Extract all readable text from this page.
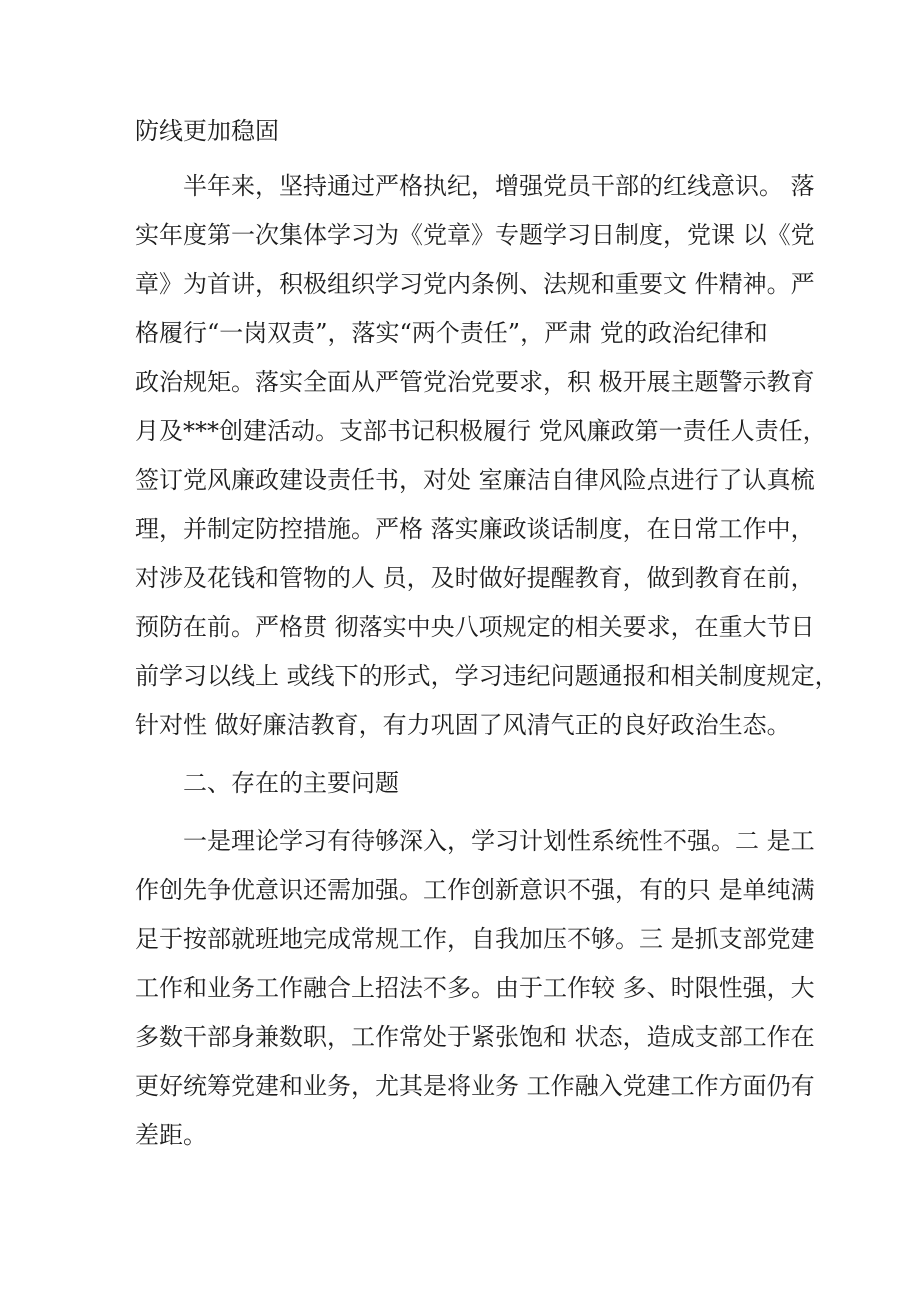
防线更加稳固
半年来，坚持通过严格执纪，增强党员干部的红线意识。 落
实年度第一次集体学习为《党章》专题学习日制度，党课 以《党
章》为首讲，积极组织学习党内条例、法规和重要文 件精神。严
格履行“一岗双责”，落实“两个责任”，严肃 党的政治纪律和
政治规矩。落实全面从严管党治党要求，积 极开展主题警示教育
月及***创建活动。支部书记积极履行 党风廉政第一责任人责任，
签订党风廉政建设责任书，对处 室廉洁自律风险点进行了认真梳
理，并制定防控措施。严格 落实廉政谈话制度，在日常工作中，
对涉及花钱和管物的人 员，及时做好提醒教育，做到教育在前，
预防在前。严格贯 彻落实中央八项规定的相关要求，在重大节日
前学习以线上 或线下的形式，学习违纪问题通报和相关制度规定，
针对性 做好廉洁教育，有力巩固了风清气正的良好政治生态。
二、存在的主要问题
一是理论学习有待够深入，学习计划性系统性不强。二 是工
作创先争优意识还需加强。工作创新意识不强，有的只 是单纯满
足于按部就班地完成常规工作，自我加压不够。三 是抓支部党建
工作和业务工作融合上招法不多。由于工作较 多、时限性强，大
多数干部身兼数职，工作常处于紧张饱和 状态，造成支部工作在
更好统筹党建和业务，尤其是将业务 工作融入党建工作方面仍有
差距。
